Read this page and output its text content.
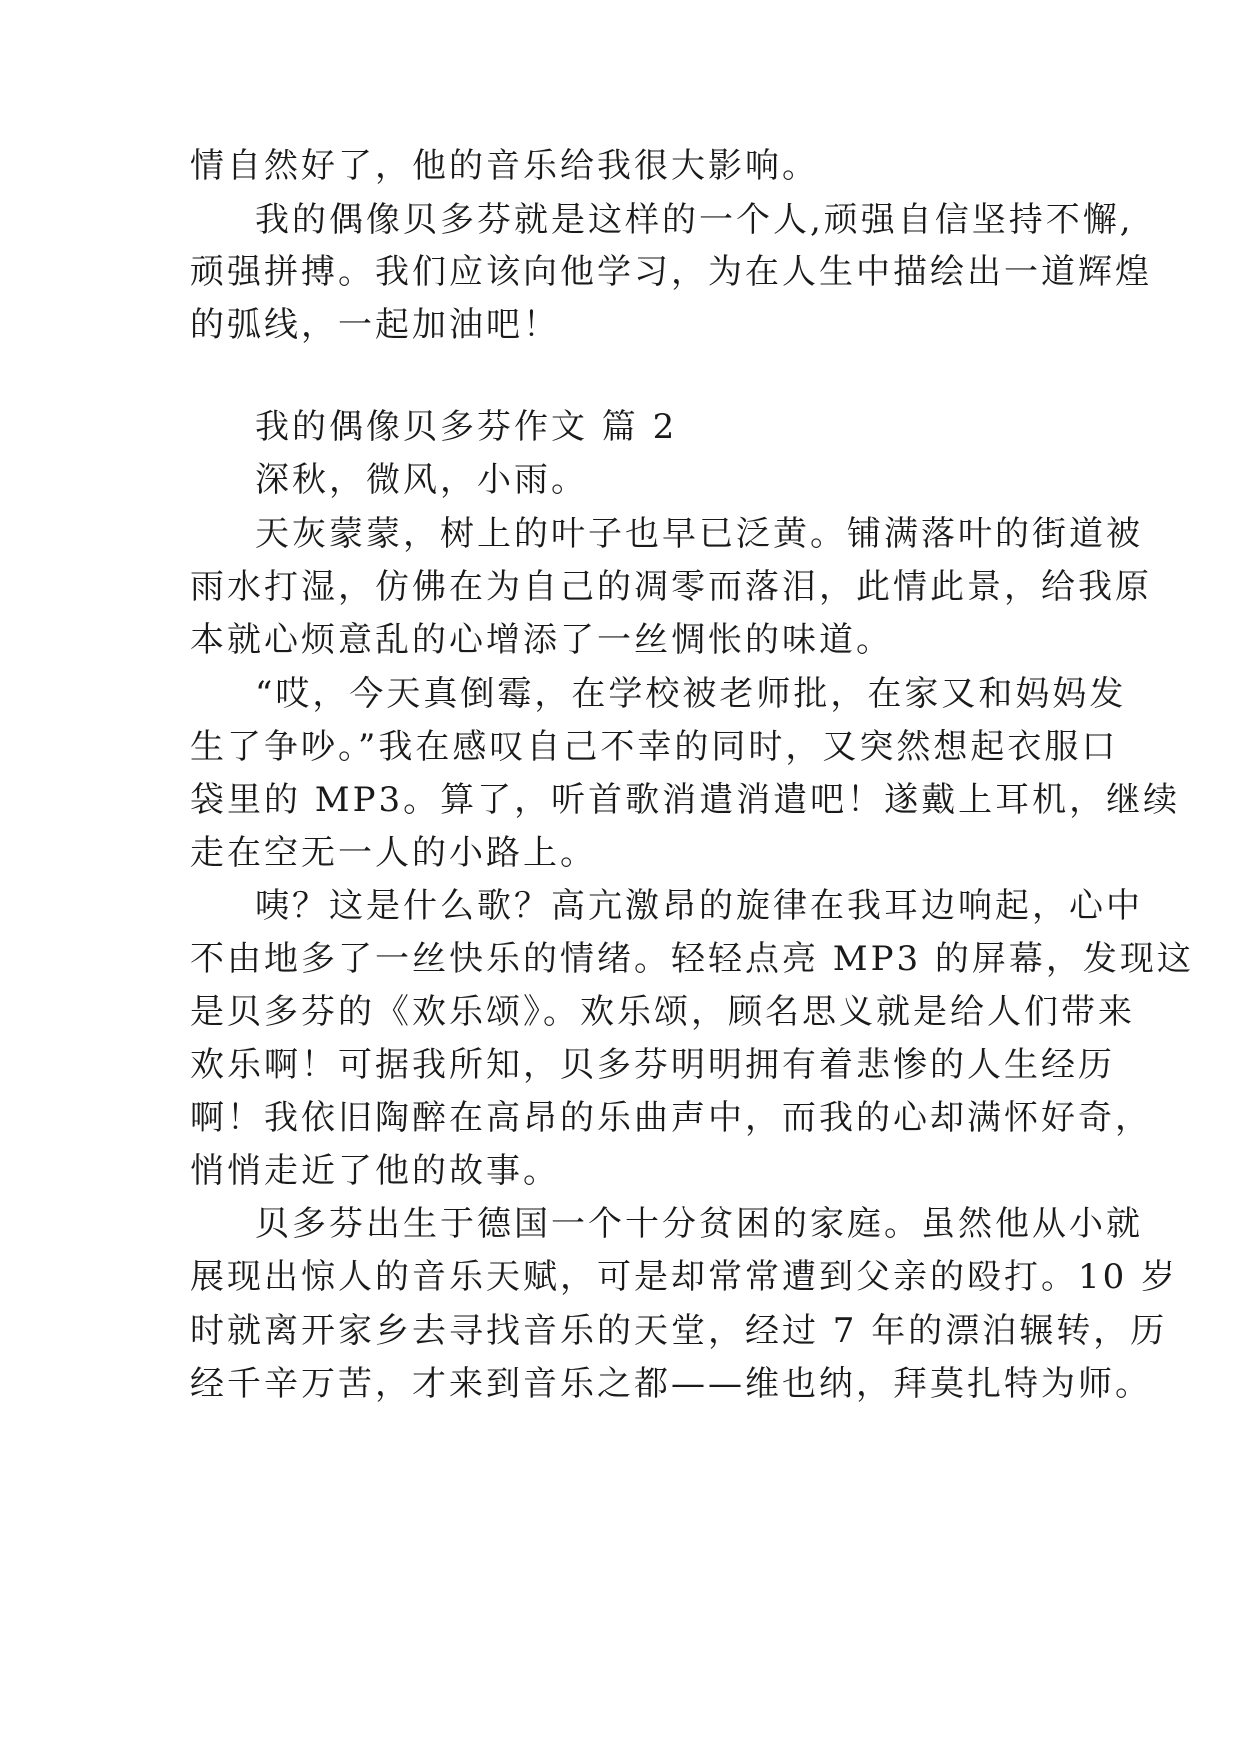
情自然好了，他的音乐给我很大影响。
我的偶像贝多芬就是这样的一个人,顽强自信坚持不懈,
顽强拼搏。我们应该向他学习，为在人生中描绘出一道辉煌
的弧线，一起加油吧！
我的偶像贝多芬作文 篇 2
深秋，微风，小雨。
天灰蒙蒙，树上的叶子也早已泛黄。铺满落叶的街道被
雨水打湿，仿佛在为自己的凋零而落泪，此情此景，给我原
本就心烦意乱的心增添了一丝惆怅的味道。
“哎，今天真倒霉，在学校被老师批，在家又和妈妈发
生了争吵。”我在感叹自己不幸的同时，又突然想起衣服口
袋里的 MP3。算了，听首歌消遣消遣吧！遂戴上耳机，继续
走在空无一人的小路上。
咦？这是什么歌？高亢激昂的旋律在我耳边响起，心中
不由地多了一丝快乐的情绪。轻轻点亮 MP3 的屏幕，发现这
是贝多芬的《欢乐颂》。欢乐颂，顾名思义就是给人们带来
欢乐啊！可据我所知，贝多芬明明拥有着悲惨的人生经历
啊！我依旧陶醉在高昂的乐曲声中，而我的心却满怀好奇，
悄悄走近了他的故事。
贝多芬出生于德国一个十分贫困的家庭。虽然他从小就
展现出惊人的音乐天赋，可是却常常遭到父亲的殴打。10 岁
时就离开家乡去寻找音乐的天堂，经过 7 年的漂泊辗转，历
经千辛万苦，才来到音乐之都——维也纳，拜莫扎特为师。
